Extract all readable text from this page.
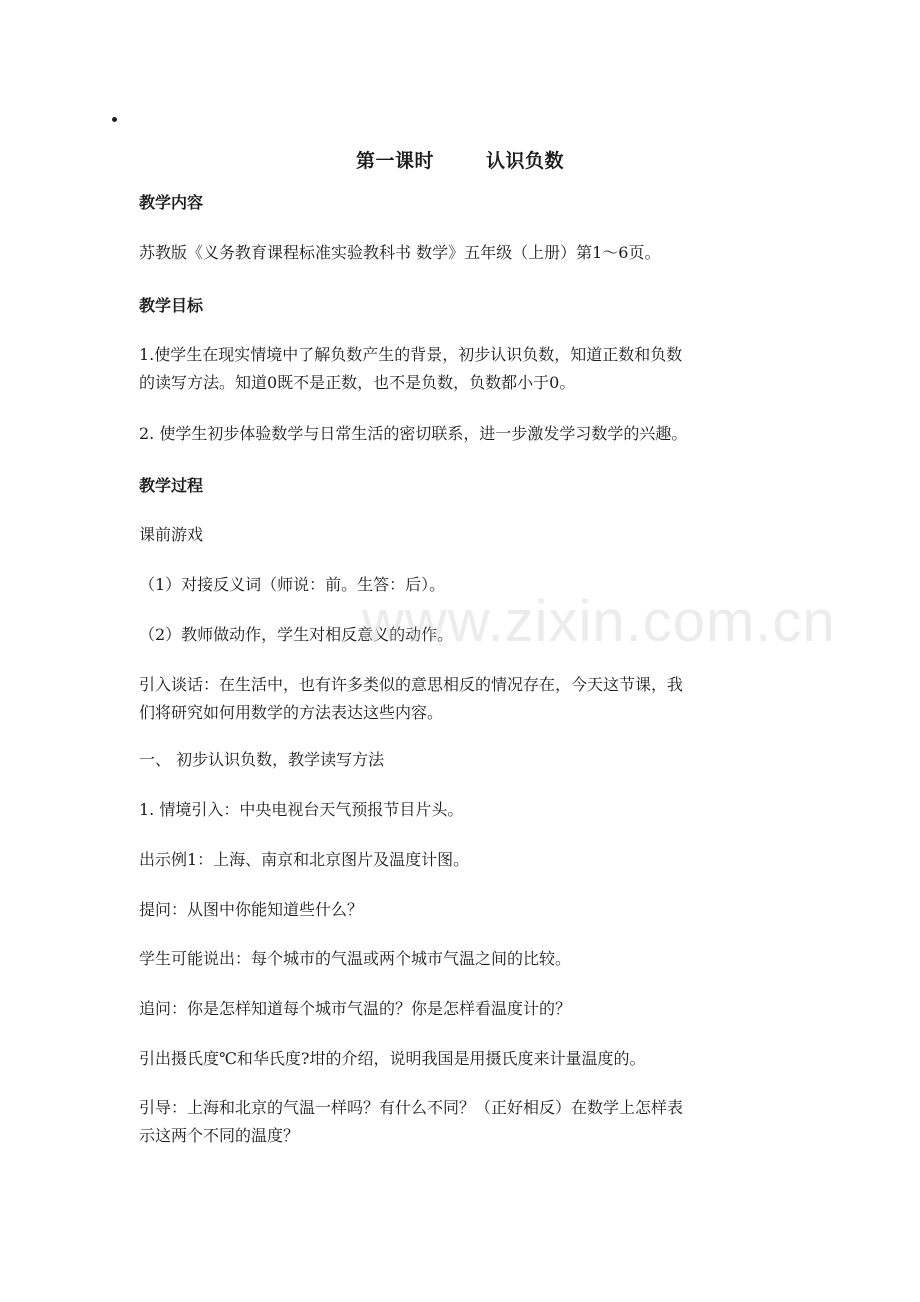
第一课时	认识负数
教学内容
苏教版《义务教育课程标准实验教科书 数学》五年级（上册）第1～6页。
教学目标
1.使学生在现实情境中了解负数产生的背景，初步认识负数，知道正数和负数
的读写方法。知道0既不是正数，也不是负数，负数都小于0。
2. 使学生初步体验数学与日常生活的密切联系，进一步激发学习数学的兴趣。
教学过程
课前游戏
（1）对接反义词（师说：前。生答：后）。
（2）教师做动作，学生对相反意义的动作。
引入谈话：在生活中，也有许多类似的意思相反的情况存在，今天这节课，我
们将研究如何用数学的方法表达这些内容。
一、 初步认识负数，教学读写方法
1. 情境引入：中央电视台天气预报节目片头。
出示例1：上海、南京和北京图片及温度计图。
提问：从图中你能知道些什么？
学生可能说出：每个城市的气温或两个城市气温之间的比较。
追问：你是怎样知道每个城市气温的？你是怎样看温度计的？
引出摄氏度℃和华氏度?坩的介绍，说明我国是用摄氏度来计量温度的。
引导：上海和北京的气温一样吗？有什么不同？（正好相反）在数学上怎样表
示这两个不同的温度？
www.zixin.com.cn
